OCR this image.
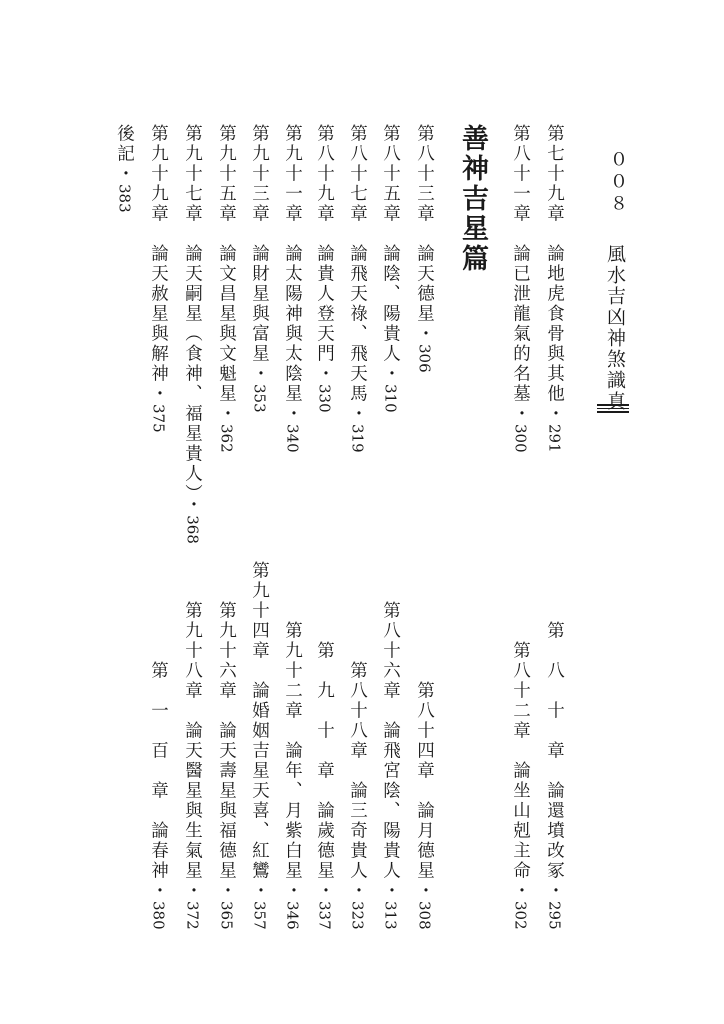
００８
風水吉凶神煞識真
善神吉星篇	第七十九章　論地虎食骨與其他・291
第八十一章　論已泄龍氣的名墓・300
第八十三章　論天德星・306
第八十五章　論陰、陽貴人・310
第八十七章　論飛天祿、飛天馬・319
第八十九章　論貴人登天門・330
第九十一章　論太陽神與太陰星・340
第九十三章　論財星與富星・353
第九十五章　論文昌星與文魁星・362
第九十七章　論天嗣星（食神、福星貴人）・368
第九十九章　論天赦星與解神・375
後記・383
第　八　十　章　論還墳改冢・295
第八十二章　論坐山剋主命・302
第八十四章　論月德星・308
第八十六章　論飛宮陰、陽貴人・313
第八十八章　論三奇貴人・323
第　九　十　章　論歲德星・337
第九十二章　論年、月紫白星・346
第九十四章　論婚姻吉星天喜、紅鸞・357
第九十六章　論天壽星與福德星・365
第九十八章　論天醫星與生氣星・372
第　一　百　章　論春神・380
